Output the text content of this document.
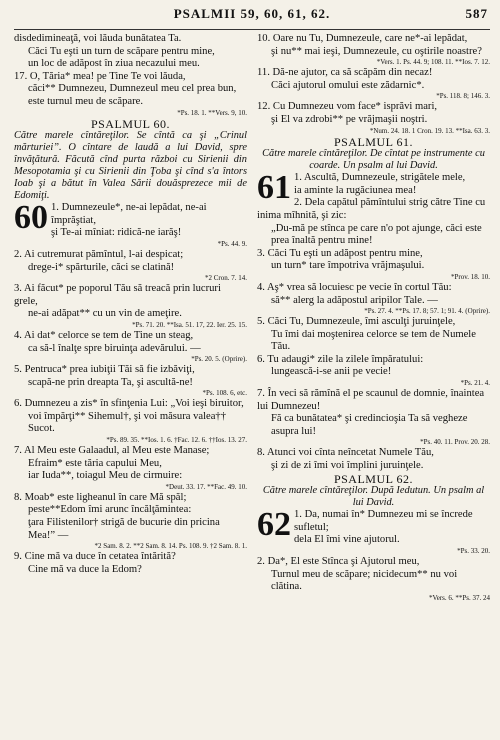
PSALMII 59, 60, 61, 62.	587

disdedimineaţă, voi lăuda bunătatea Ta.

Căci Tu eşti un turn de scăpare pentru mine,

un loc de adăpost în ziua necazului meu.

17. O, Tăria* mea! pe Tine Te voi lăuda,

căci** Dumnezeu, Dumnezeul meu cel prea bun, este turnul meu de scăpare.

*Ps. 18. 1. **Vers. 9, 10.

PSALMUL 60.

Către marele cîntăreţilor. Se cîntă ca şi „Crinul mărturiei”. O cîntare de laudă a lui David, spre învăţătură. Făcută cînd purta război cu Sirienii din Mesopotamia şi cu Sirienii din Ţoba şi cînd s'a întors Ioab şi a bătut în Valea Sării douăsprezece mii de Edomiţi.

60 1. Dumnezeule*, ne-ai lepădat, ne-ai împrăştiat,

şi Te-ai mîniat: ridică-ne iarăş!

*Ps. 44. 9.

2. Ai cutremurat pămîntul, l-ai despicat;

drege-i* spărturile, căci se clatină!

*2 Cron. 7. 14.

3. Ai făcut* pe poporul Tău să treacă prin lucruri grele,

ne-ai adăpat** cu un vin de ameţire.

*Ps. 71. 20. **Isa. 51. 17, 22. Ier. 25. 15.

4. Ai dat* celorce se tem de Tine un steag,

ca să-l înalţe spre biruinţa adevărului. —

*Ps. 20. 5. (Oprire).

5. Pentruca* prea iubiţii Tăi să fie izbăviţi,

scapă-ne prin dreapta Ta, şi ascultă-ne!

*Ps. 108. 6, etc.

6. Dumnezeu a zis* în sfinţenia Lui: „Voi ieşi biruitor,

voi împărţi** Sihemul†, şi voi măsura valea†† Sucot.

*Ps. 89. 35. **Ios. 1. 6. †Fac. 12. 6. ††Ios. 13. 27.

7. Al Meu este Galaadul, al Meu este Manase;

Efraim* este tăria capului Meu,

iar Iuda**, toiagul Meu de cirmuire:

*Deut. 33. 17. **Fac. 49. 10.

8. Moab* este ligheanul în care Mă spăl;

peste**Edom îmi arunc încălţămintea:

ţara Filistenilor† strigă de bucurie din pricina Mea!” —

*2 Sam. 8. 2. **2 Sam. 8. 14. Ps. 108. 9. †2 Sam. 8. 1.

9. Cine mă va duce în cetatea întărită?

Cine mă va duce la Edom?

10. Oare nu Tu, Dumnezeule, care ne*-ai lepădat,

şi nu** mai ieşi, Dumnezeule, cu oştirile noastre?

*Vers. 1. Ps. 44. 9; 108. 11. **Ios. 7. 12.

11. Dă-ne ajutor, ca să scăpăm din necaz!

Căci ajutorul omului este zădarnic*.

*Ps. 118. 8; 146. 3.

12. Cu Dumnezeu vom face* isprăvi mari,

şi El va zdrobi** pe vrăjmaşii noştri.

*Num. 24. 18. 1 Cron. 19. 13. **Isa. 63. 3.

PSALMUL 61.

Către marele cîntăreţilor. De cîntat pe instrumente cu coarde. Un psalm al lui David.

61 1. Ascultă, Dumnezeule, strigătele mele,

ia aminte la rugăciunea mea!

2. Dela capătul pămîntului strig către Tine cu inima mîhnită, şi zic:

„Du-mă pe stînca pe care n'o pot ajunge, căci este prea înaltă pentru mine!

3. Căci Tu eşti un adăpost pentru mine,

un turn* tare împotriva vrăjmaşului.

*Prov. 18. 10.

4. Aş* vrea să locuiesc pe vecie în cortul Tău:

să** alerg la adăpostul aripilor Tale. —

*Ps. 27. 4. **Ps. 17. 8; 57. 1; 91. 4. (Oprire).

5. Căci Tu, Dumnezeule, îmi asculţi juruinţele,

Tu îmi dai moştenirea celorce se tem de Numele Tău.

6. Tu adaugi* zile la zilele împăratului:

lungească-i-se anii pe vecie!

*Ps. 21. 4.

7. În veci să rămînă el pe scaunul de domnie, înaintea lui Dumnezeu!

Fă ca bunătatea* şi credincioşia Ta să vegheze asupra lui!

*Ps. 40. 11. Prov. 20. 28.

8. Atunci voi cînta neîncetat Numele Tău,

şi zi de zi îmi voi împlini juruinţele.

PSALMUL 62.

Către marele cîntăreţilor. După Iedutun. Un psalm al lui David.

62 1. Da, numai în* Dumnezeu mi se încrede sufletul;

dela El îmi vine ajutorul.

*Ps. 33. 20.

2. Da*, El este Stînca şi Ajutorul meu,

Turnul meu de scăpare; nicidecum** nu voi clătina.

*Vers. 6. **Ps. 37. 24
